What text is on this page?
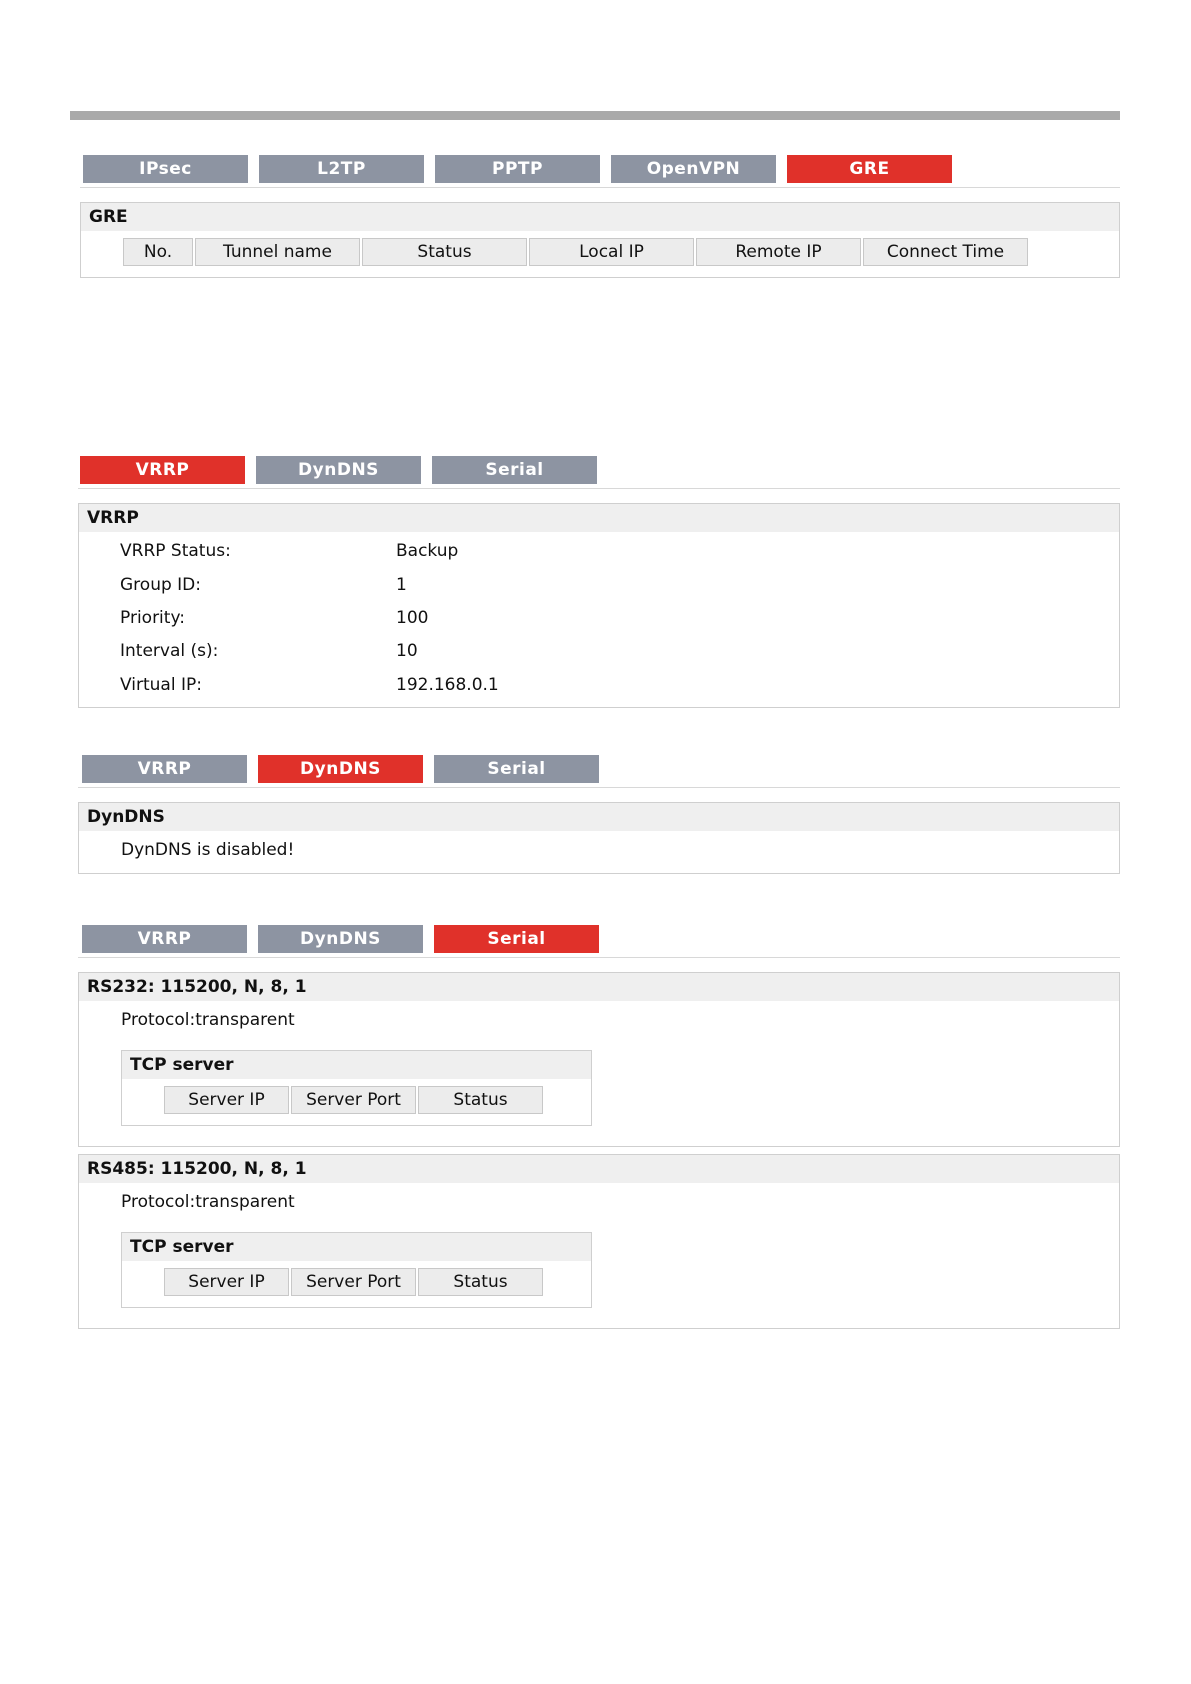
IPsec	L2TP	PPTP	OpenVPN	GRE
GRE
No.	Tunnel name	Status	Local IP	Remote IP	Connect Time
VRRP	DynDNS	Serial
VRRP
VRRP Status:	Backup
Group ID:	1
Priority:	100
Interval (s):	10
Virtual IP:	192.168.0.1
VRRP	DynDNS	Serial
DynDNS
DynDNS is disabled!
VRRP	DynDNS	Serial
RS232: 115200, N, 8, 1
Protocol:transparent
TCP server
Server IP	Server Port	Status
RS485: 115200, N, 8, 1
Protocol:transparent
TCP server
Server IP	Server Port	Status
